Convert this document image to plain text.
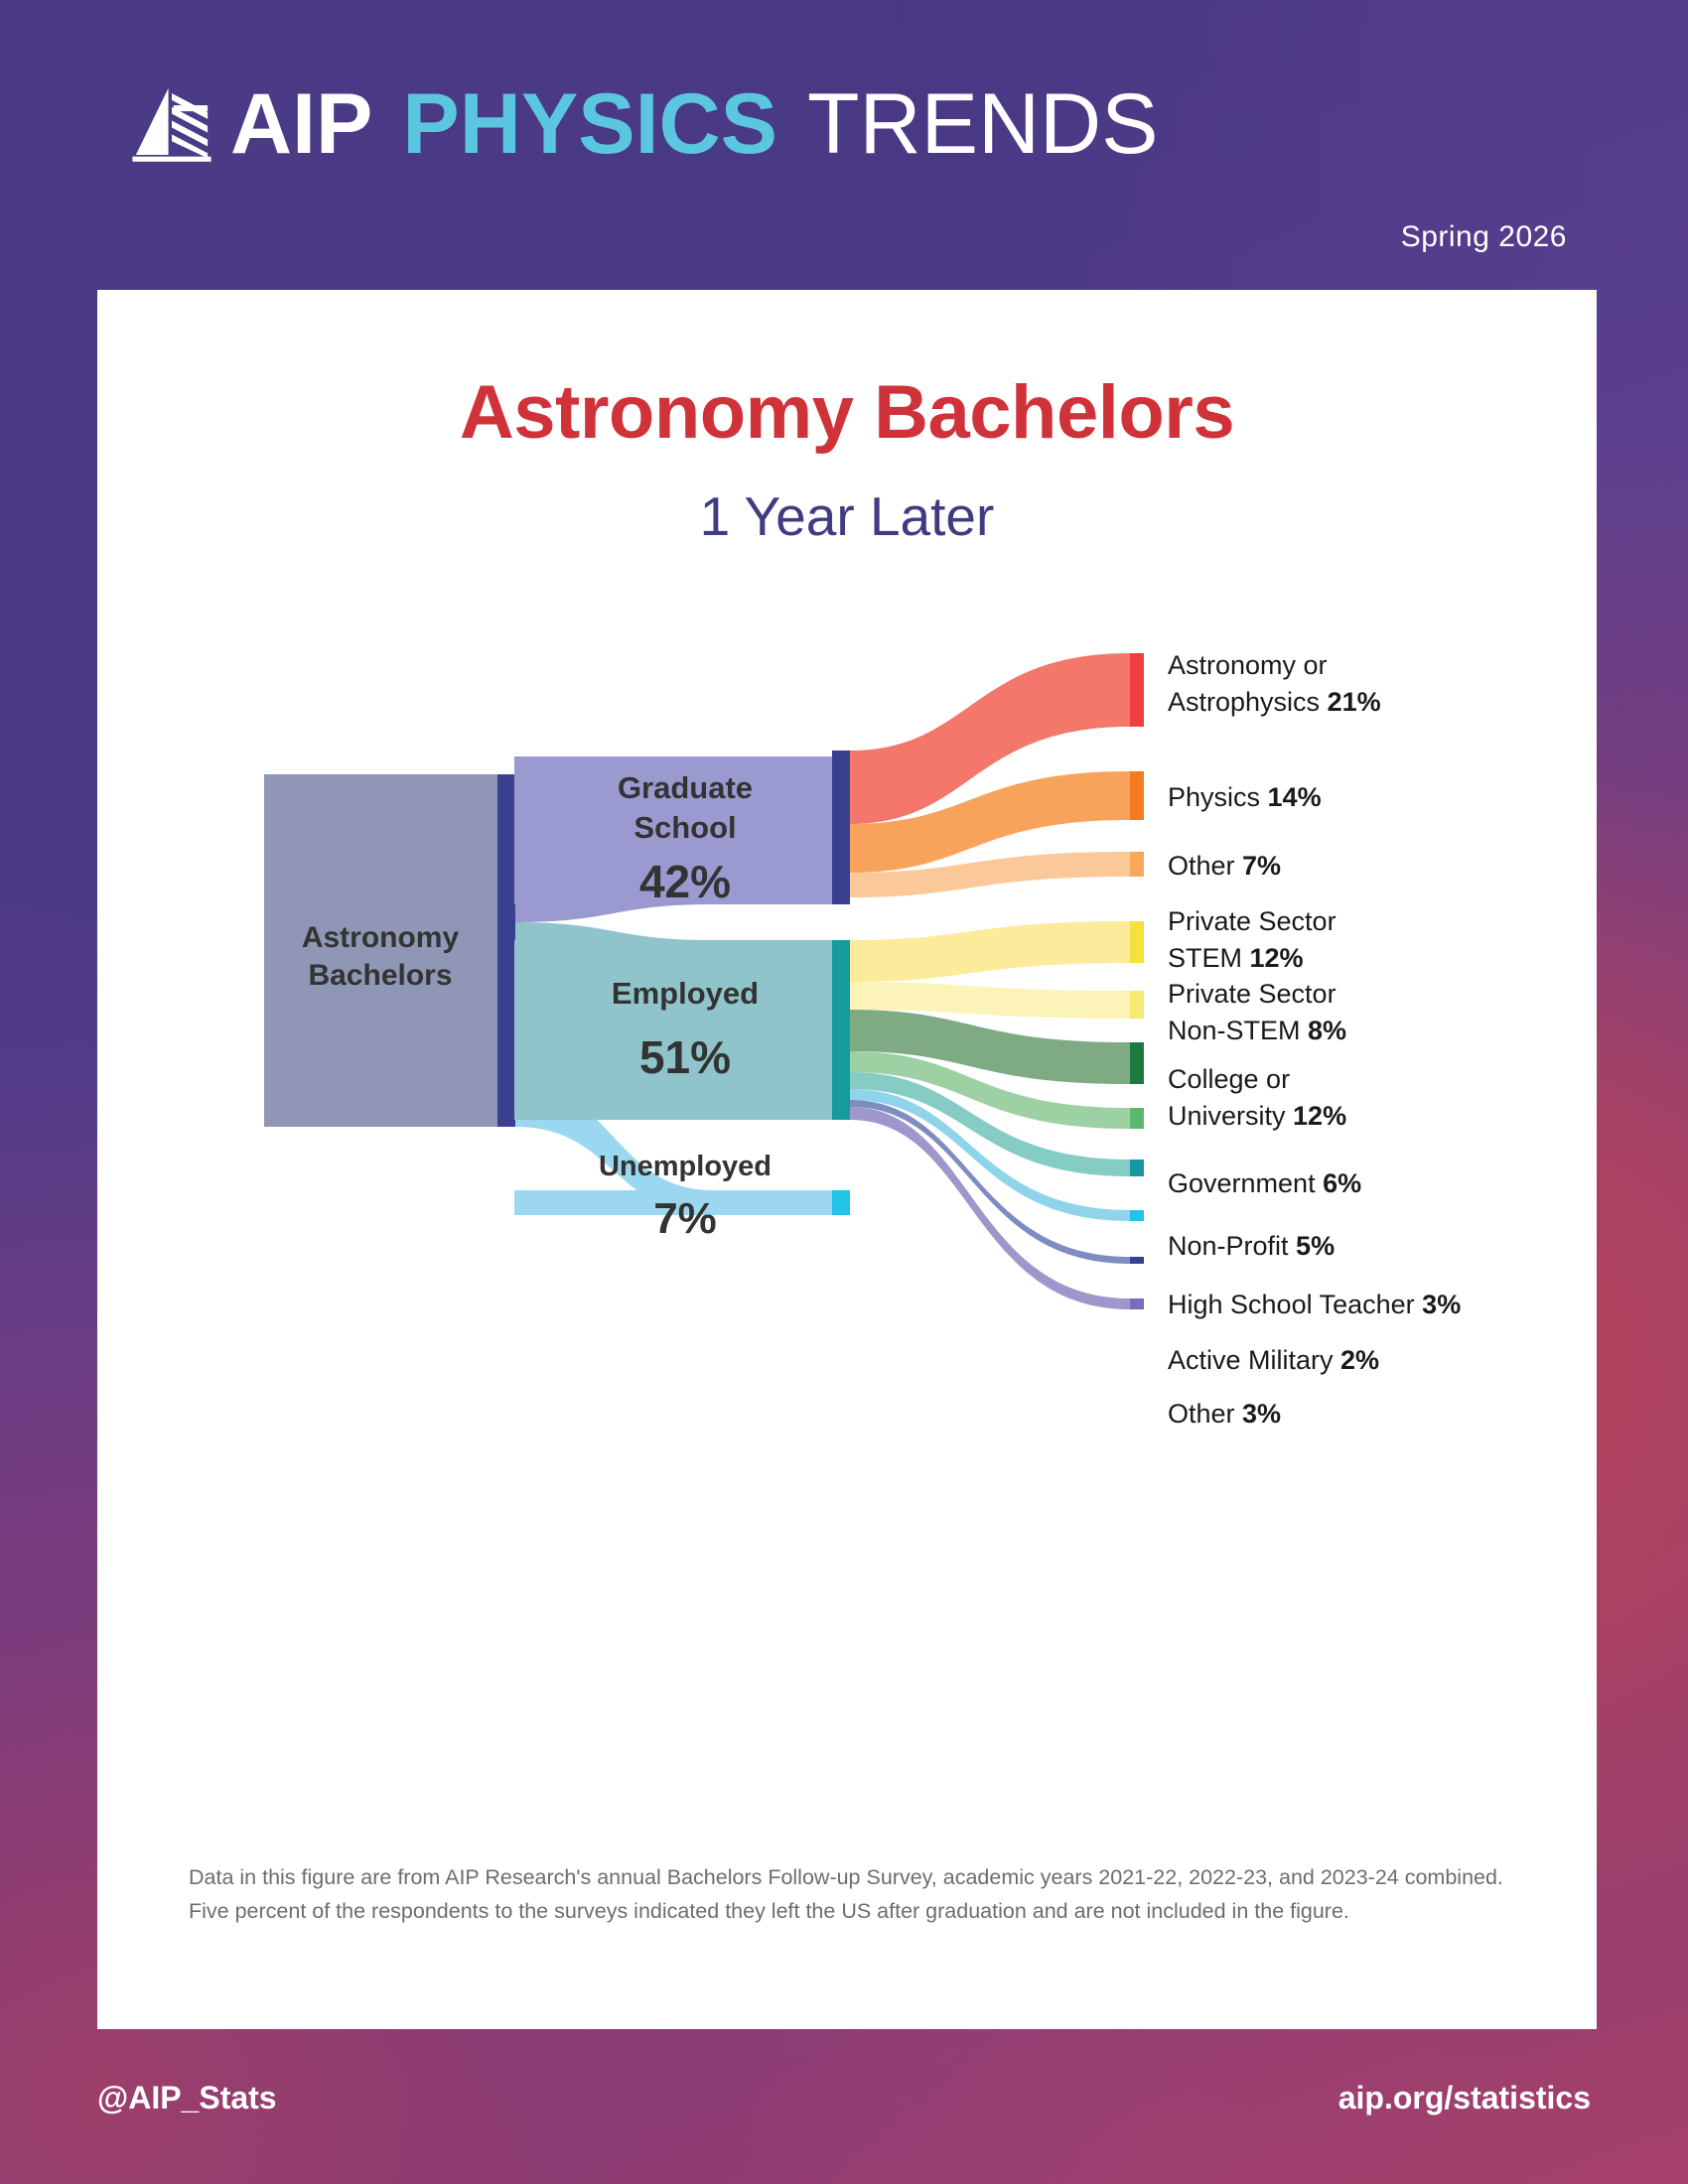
AIP PHYSICS TRENDS
Spring 2026
Astronomy Bachelors
1 Year Later
Astronomy
Bachelors
Graduate
School
42%
Employed
51%
Unemployed
7%
Astronomy or
Astrophysics 21%
Physics 14%
Other 7%
Private Sector
STEM 12%
Private Sector
Non-STEM 8%
College or
University 12%
Government 6%
Non-Profit 5%
High School Teacher 3%
Active Military 2%
Other 3%
Data in this figure are from AIP Research's annual Bachelors Follow-up Survey, academic years 2021-22, 2022-23, and 2023-24 combined. Five percent of the respondents to the surveys indicated they left the US after graduation and are not included in the figure.
@AIP_Stats	aip.org/statistics
